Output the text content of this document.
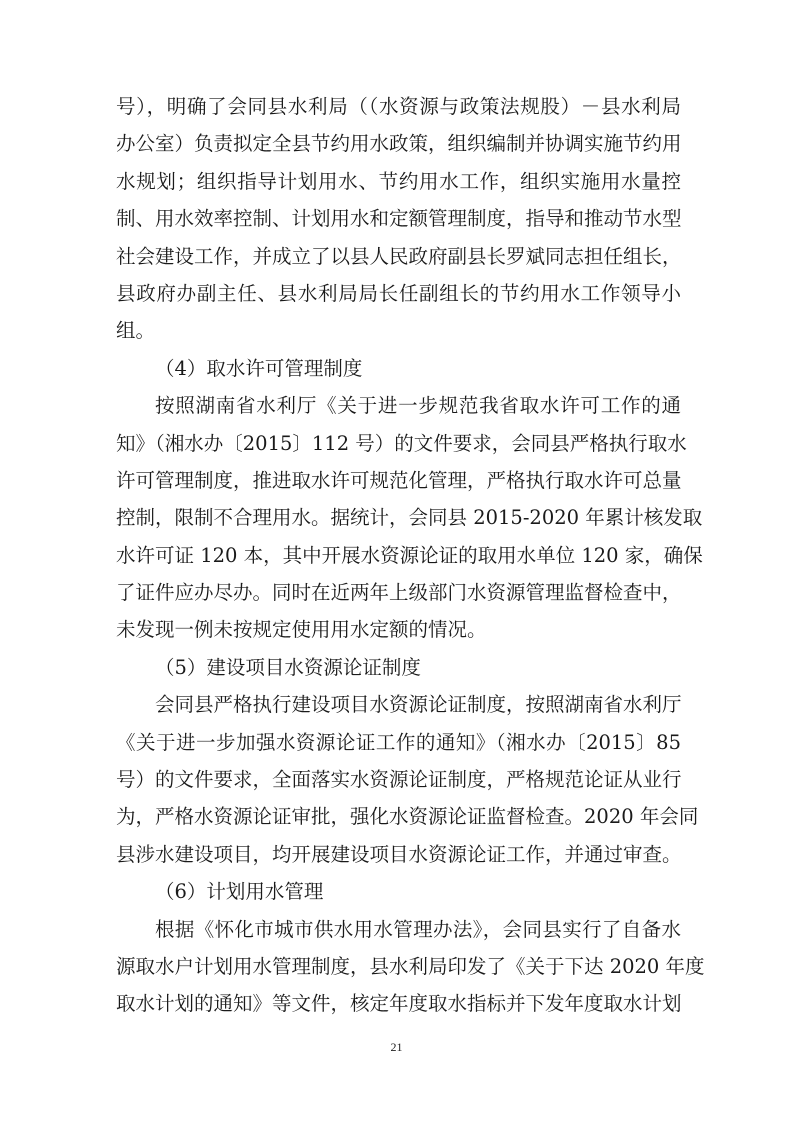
号），明确了会同县水利局（（水资源与政策法规股）－县水利局
办公室）负责拟定全县节约用水政策，组织编制并协调实施节约用
水规划；组织指导计划用水、节约用水工作，组织实施用水量控
制、用水效率控制、计划用水和定额管理制度，指导和推动节水型
社会建设工作，并成立了以县人民政府副县长罗斌同志担任组长，
县政府办副主任、县水利局局长任副组长的节约用水工作领导小
组。
（4）取水许可管理制度
按照湖南省水利厅《关于进一步规范我省取水许可工作的通
知》（湘水办〔2015〕112 号）的文件要求，会同县严格执行取水
许可管理制度，推进取水许可规范化管理，严格执行取水许可总量
控制，限制不合理用水。据统计，会同县 2015-2020 年累计核发取
水许可证 120 本，其中开展水资源论证的取用水单位 120 家，确保
了证件应办尽办。同时在近两年上级部门水资源管理监督检查中，
未发现一例未按规定使用用水定额的情况。
（5）建设项目水资源论证制度
会同县严格执行建设项目水资源论证制度，按照湖南省水利厅
《关于进一步加强水资源论证工作的通知》（湘水办〔2015〕85
号）的文件要求，全面落实水资源论证制度，严格规范论证从业行
为，严格水资源论证审批，强化水资源论证监督检查。2020 年会同
县涉水建设项目，均开展建设项目水资源论证工作，并通过审查。
（6）计划用水管理
根据《怀化市城市供水用水管理办法》，会同县实行了自备水
源取水户计划用水管理制度，县水利局印发了《关于下达 2020 年度
取水计划的通知》等文件，核定年度取水指标并下发年度取水计划
21
